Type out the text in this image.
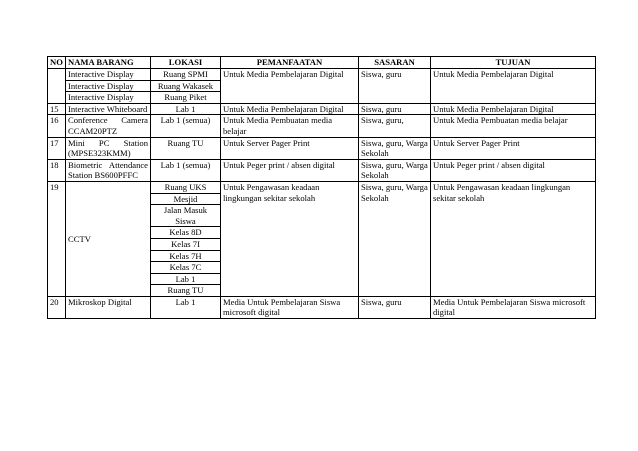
NO	NAMA BARANG	LOKASI	PEMANFAATAN	SASARAN	TUJUAN
	Interactive Display	Ruang SPMI	Untuk Media Pembelajaran Digital	Siswa, guru	Untuk Media Pembelajaran Digital
	Interactive Display	Ruang Wakasek			
	Interactive Display	Ruang Piket			
15	Interactive Whiteboard	Lab 1	Untuk Media Pembelajaran Digital	Siswa, guru	Untuk Media Pembelajaran Digital
16	Conference Camera CCAM20PTZ	Lab 1 (semua)	Untuk Media Pembuatan media belajar	Siswa, guru,	Untuk Media Pembuatan media belajar
17	Mini PC Station (MPSE323KMM)	Ruang TU	Untuk Server Pager Print	Siswa, guru, Warga Sekolah	Untuk Server Pager Print
18	Biometric Attendance Station BS600PFFC	Lab 1 (semua)	Untuk Peger print / absen digital	Siswa, guru, Warga Sekolah	Untuk Peger print / absen digital
19	CCTV	Ruang UKS	Untuk Pengawasan keadaan lingkungan sekitar sekolah	Siswa, guru, Warga Sekolah	Untuk Pengawasan keadaan lingkungan sekitar sekolah
		Mesjid			
		Jalan Masuk Siswa			
		Kelas 8D			
		Kelas 7I			
		Kelas 7H			
		Kelas 7C			
		Lab 1			
		Ruang TU			
20	Mikroskop Digital	Lab 1	Media Untuk Pembelajaran Siswa microsoft digital	Siswa, guru	Media Untuk Pembelajaran Siswa microsoft digital
